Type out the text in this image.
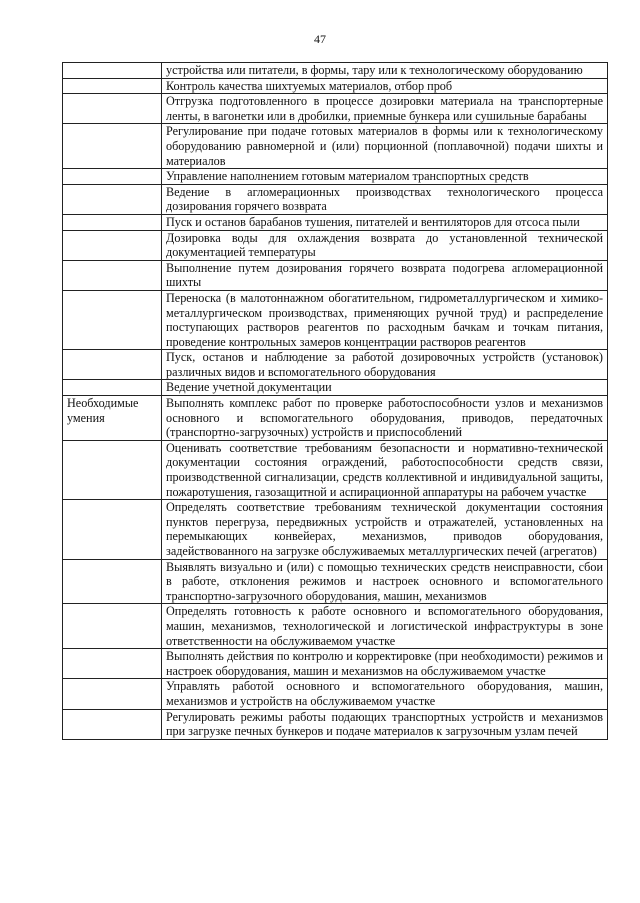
47
	устройства или питатели, в формы, тару или к технологическому оборудованию
	Контроль качества шихтуемых материалов, отбор проб
	Отгрузка подготовленного в процессе дозировки материала на транспортерные ленты, в вагонетки или в дробилки, приемные бункера или сушильные барабаны
	Регулирование при подаче готовых материалов в формы или к технологическому оборудованию равномерной и (или) порционной (поплавочной) подачи шихты и материалов
	Управление наполнением готовым материалом транспортных средств
	Ведение в агломерационных производствах технологического процесса дозирования горячего возврата
	Пуск и останов барабанов тушения, питателей и вентиляторов для отсоса пыли
	Дозировка воды для охлаждения возврата до установленной технической документацией температуры
	Выполнение путем дозирования горячего возврата подогрева агломерационной шихты
	Переноска (в малотоннажном обогатительном, гидрометаллургическом и химико-металлургическом производствах, применяющих ручной труд) и распределение поступающих растворов реагентов по расходным бачкам и точкам питания, проведение контрольных замеров концентрации растворов реагентов
	Пуск, останов и наблюдение за работой дозировочных устройств (установок) различных видов и вспомогательного оборудования
	Ведение учетной документации
Необходимые умения	Выполнять комплекс работ по проверке работоспособности узлов и механизмов основного и вспомогательного оборудования, приводов, передаточных (транспортно-загрузочных) устройств и приспособлений
	Оценивать соответствие требованиям безопасности и нормативно-технической документации состояния ограждений, работоспособности средств связи, производственной сигнализации, средств коллективной и индивидуальной защиты, пожаротушения, газозащитной и аспирационной аппаратуры на рабочем участке
	Определять соответствие требованиям технической документации состояния пунктов перегруза, передвижных устройств и отражателей, установленных на перемыкающих конвейерах, механизмов, приводов оборудования, задействованного на загрузке обслуживаемых металлургических печей (агрегатов)
	Выявлять визуально и (или) с помощью технических средств неисправности, сбои в работе, отклонения режимов и настроек основного и вспомогательного транспортно-загрузочного оборудования, машин, механизмов
	Определять готовность к работе основного и вспомогательного оборудования, машин, механизмов, технологической и логистической инфраструктуры в зоне ответственности на обслуживаемом участке
	Выполнять действия по контролю и корректировке (при необходимости) режимов и настроек оборудования, машин и механизмов на обслуживаемом участке
	Управлять работой основного и вспомогательного оборудования, машин, механизмов и устройств на обслуживаемом участке
	Регулировать режимы работы подающих транспортных устройств и механизмов при загрузке печных бункеров и подаче материалов к загрузочным узлам печей
